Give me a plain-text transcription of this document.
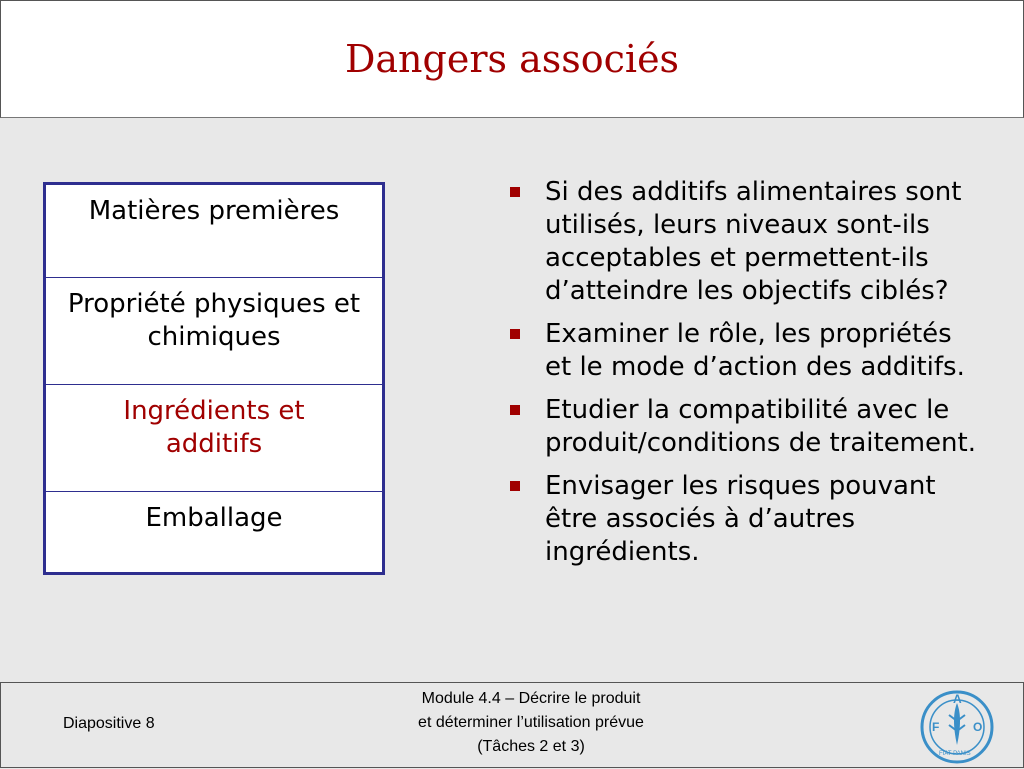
Dangers associés
Matières premières
Propriété physiques et chimiques
Ingrédients et additifs
Emballage
Si des additifs alimentaires sont utilisés, leurs niveaux sont-ils acceptables et permettent-ils d’atteindre les objectifs ciblés?
Examiner le rôle, les propriétés et le mode d’action des additifs.
Etudier la compatibilité avec le produit/conditions de traitement.
Envisager les risques pouvant être associés à d’autres ingrédients.
Diapositive 8
Module 4.4 – Décrire le produit
et déterminer l’utilisation prévue
(Tâches 2 et 3)
F
A
O
FIAT PANIS
